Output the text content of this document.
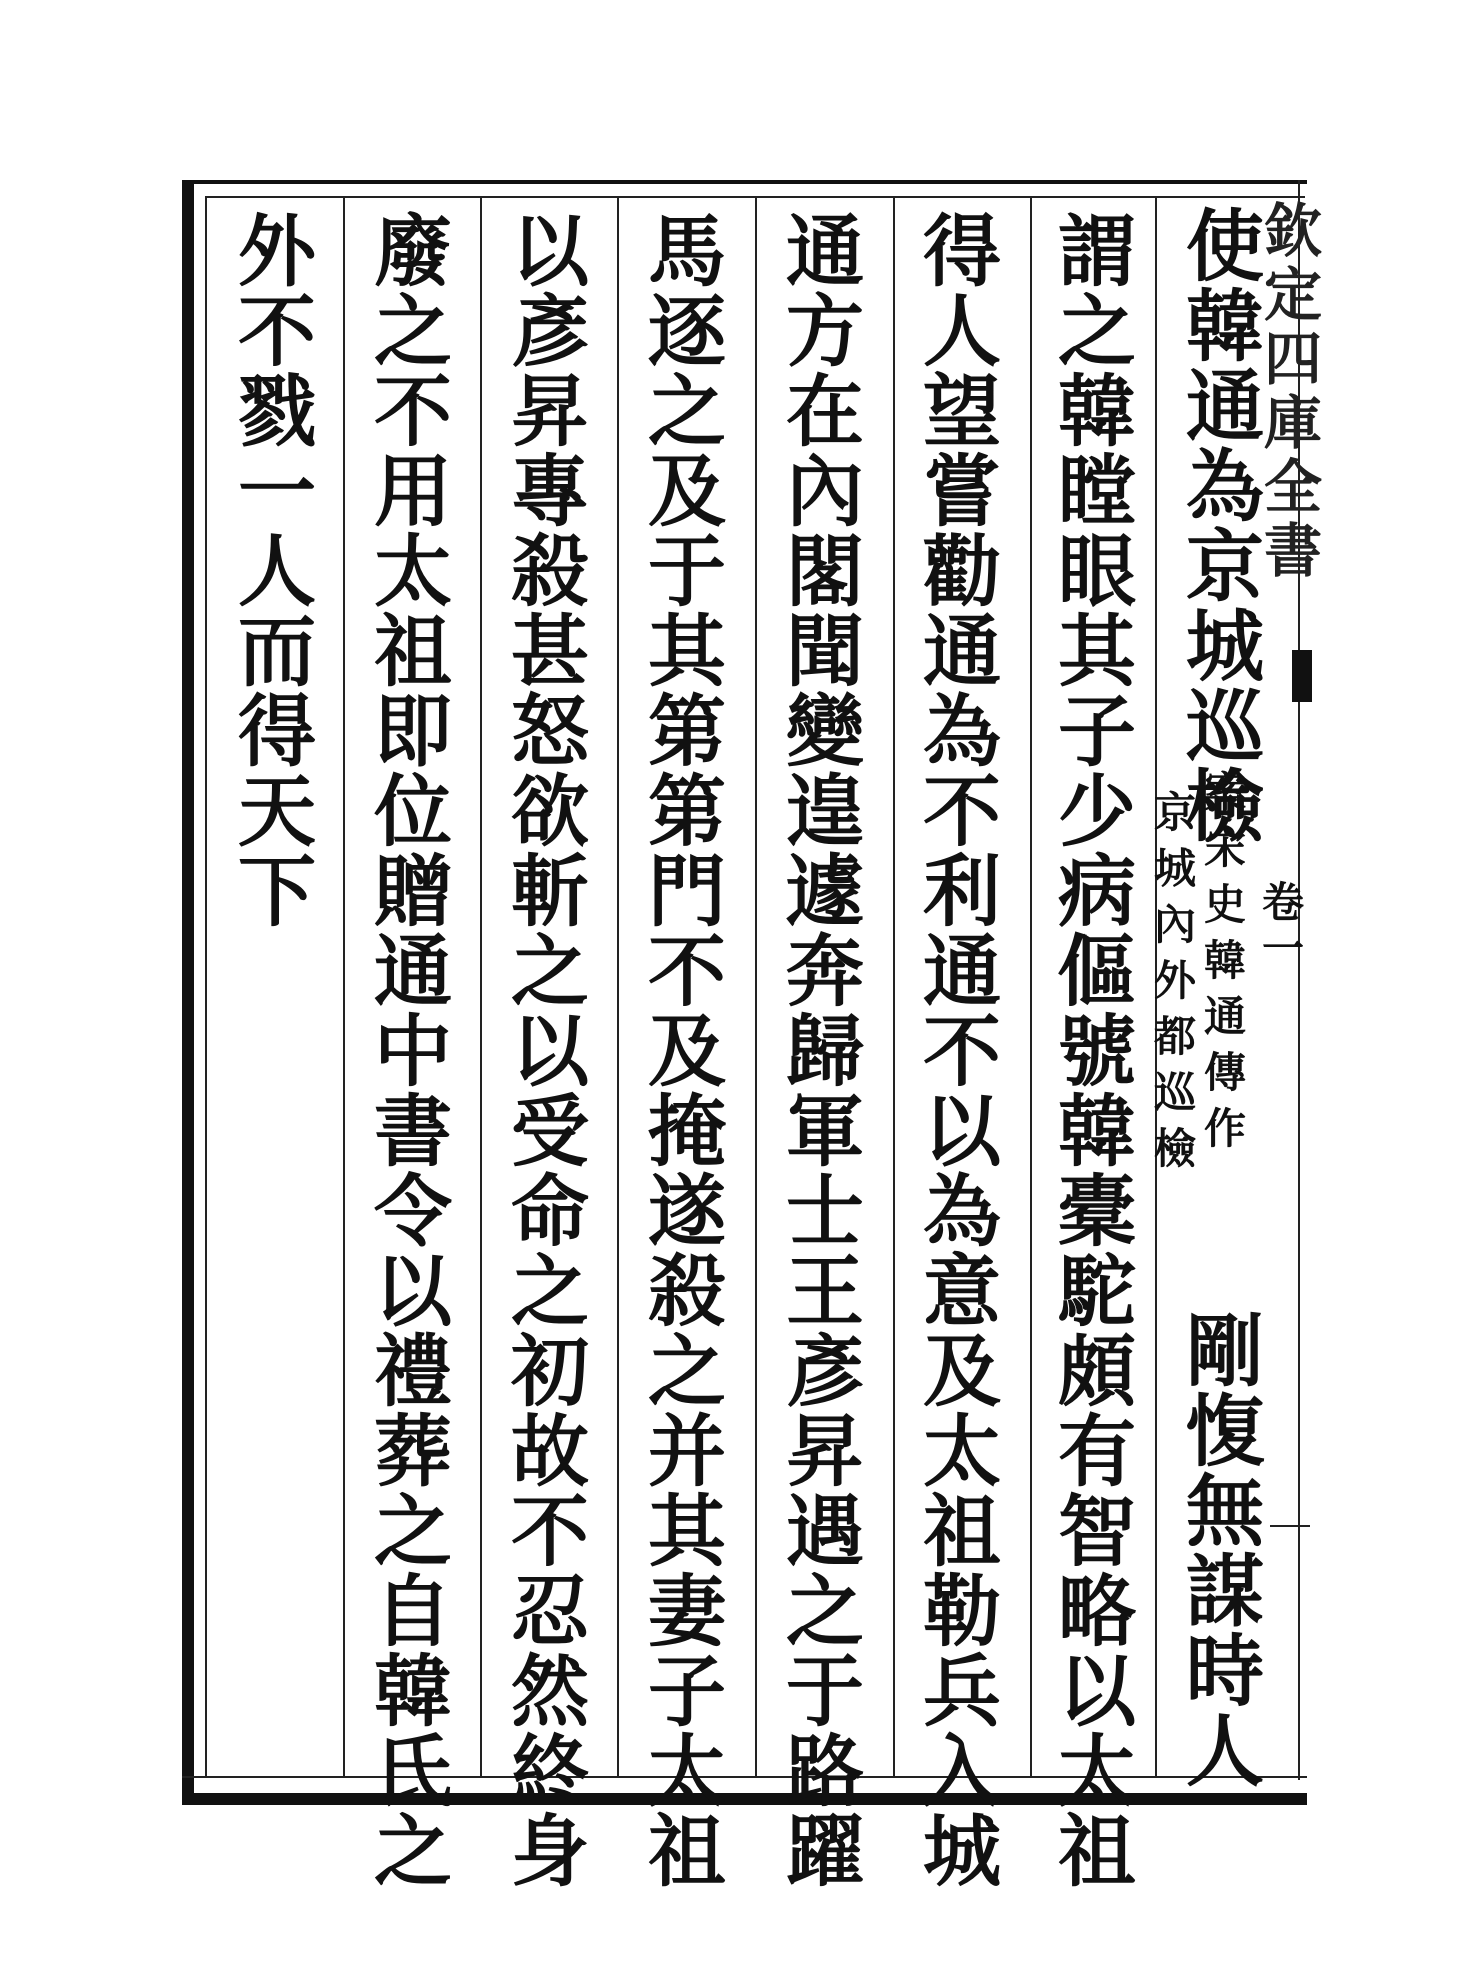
欽定四庫全書
卷一
使韓通為京城巡檢
案宋史韓通傳作
京城內外都巡檢
剛愎無謀時人
謂之韓瞠眼其子少病傴號韓橐駝頗有智略以太祖
得人望嘗勸通為不利通不以為意及太祖勒兵入城
通方在內閣聞變遑遽奔歸軍士王彥昇遇之于路躍
馬逐之及于其第第門不及掩遂殺之并其妻子太祖
以彥昇專殺甚怒欲斬之以受命之初故不忍然終身
廢之不用太祖即位贈通中書令以禮葬之自韓氏之
外不戮一人而得天下
